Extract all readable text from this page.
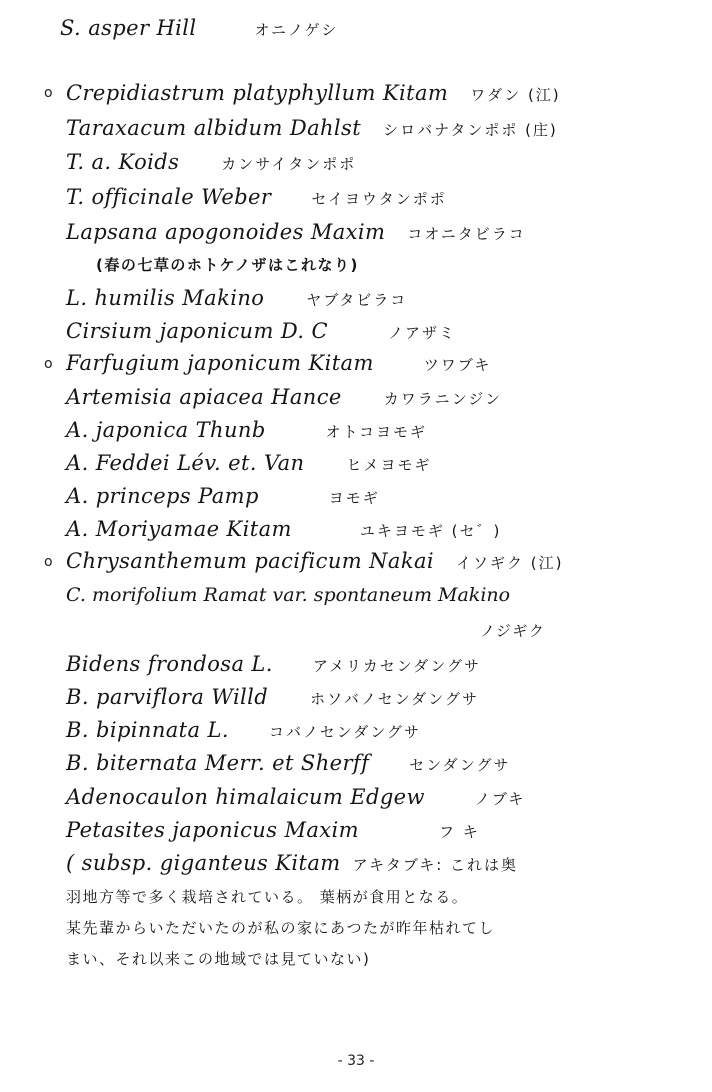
S. asper Hill	オニノゲシ
o Crepidiastrum platyphyllum Kitam ワダン (江)
Taraxacum albidum Dahlst シロバナタンポポ (庄)
T. a. Koids	カンサイタンポポ
T. officinale Weber	セイヨウタンポポ
Lapsana apogonoides Maxim コオニタビラコ
(春の七草のホトケノザはこれなり)
L. humilis Makino	ヤブタビラコ
Cirsium japonicum D. C	ノアザミ
o Farfugium japonicum Kitam	ツワブキ
Artemisia apiacea Hance	カワラニンジン
A. japonica Thunb	オトコヨモギ
A. Feddei Lév. et. Van	ヒメヨモギ
A. princeps Pamp	ヨモギ
A. Moriyamae Kitam	ユキヨモギ (セ゛)
o Chrysanthemum pacificum Nakai イソギク (江)
C. morifolium Ramat var. spontaneum Makino
ノジギク
Bidens frondosa L.	アメリカセンダングサ
B. parviflora Willd	ホソバノセンダングサ
B. bipinnata L.	コバノセンダングサ
B. biternata Merr. et Sherff	センダングサ
Adenocaulon himalaicum Edgew	ノブキ
Petasites japonicus Maxim	フ キ
( subsp. giganteus Kitam アキタブキ: これは奥
羽地方等で多く栽培されている。 葉柄が食用となる。
某先輩からいただいたのが私の家にあつたが昨年枯れてし
まい、それ以来この地域では見ていない)
- 33 -
